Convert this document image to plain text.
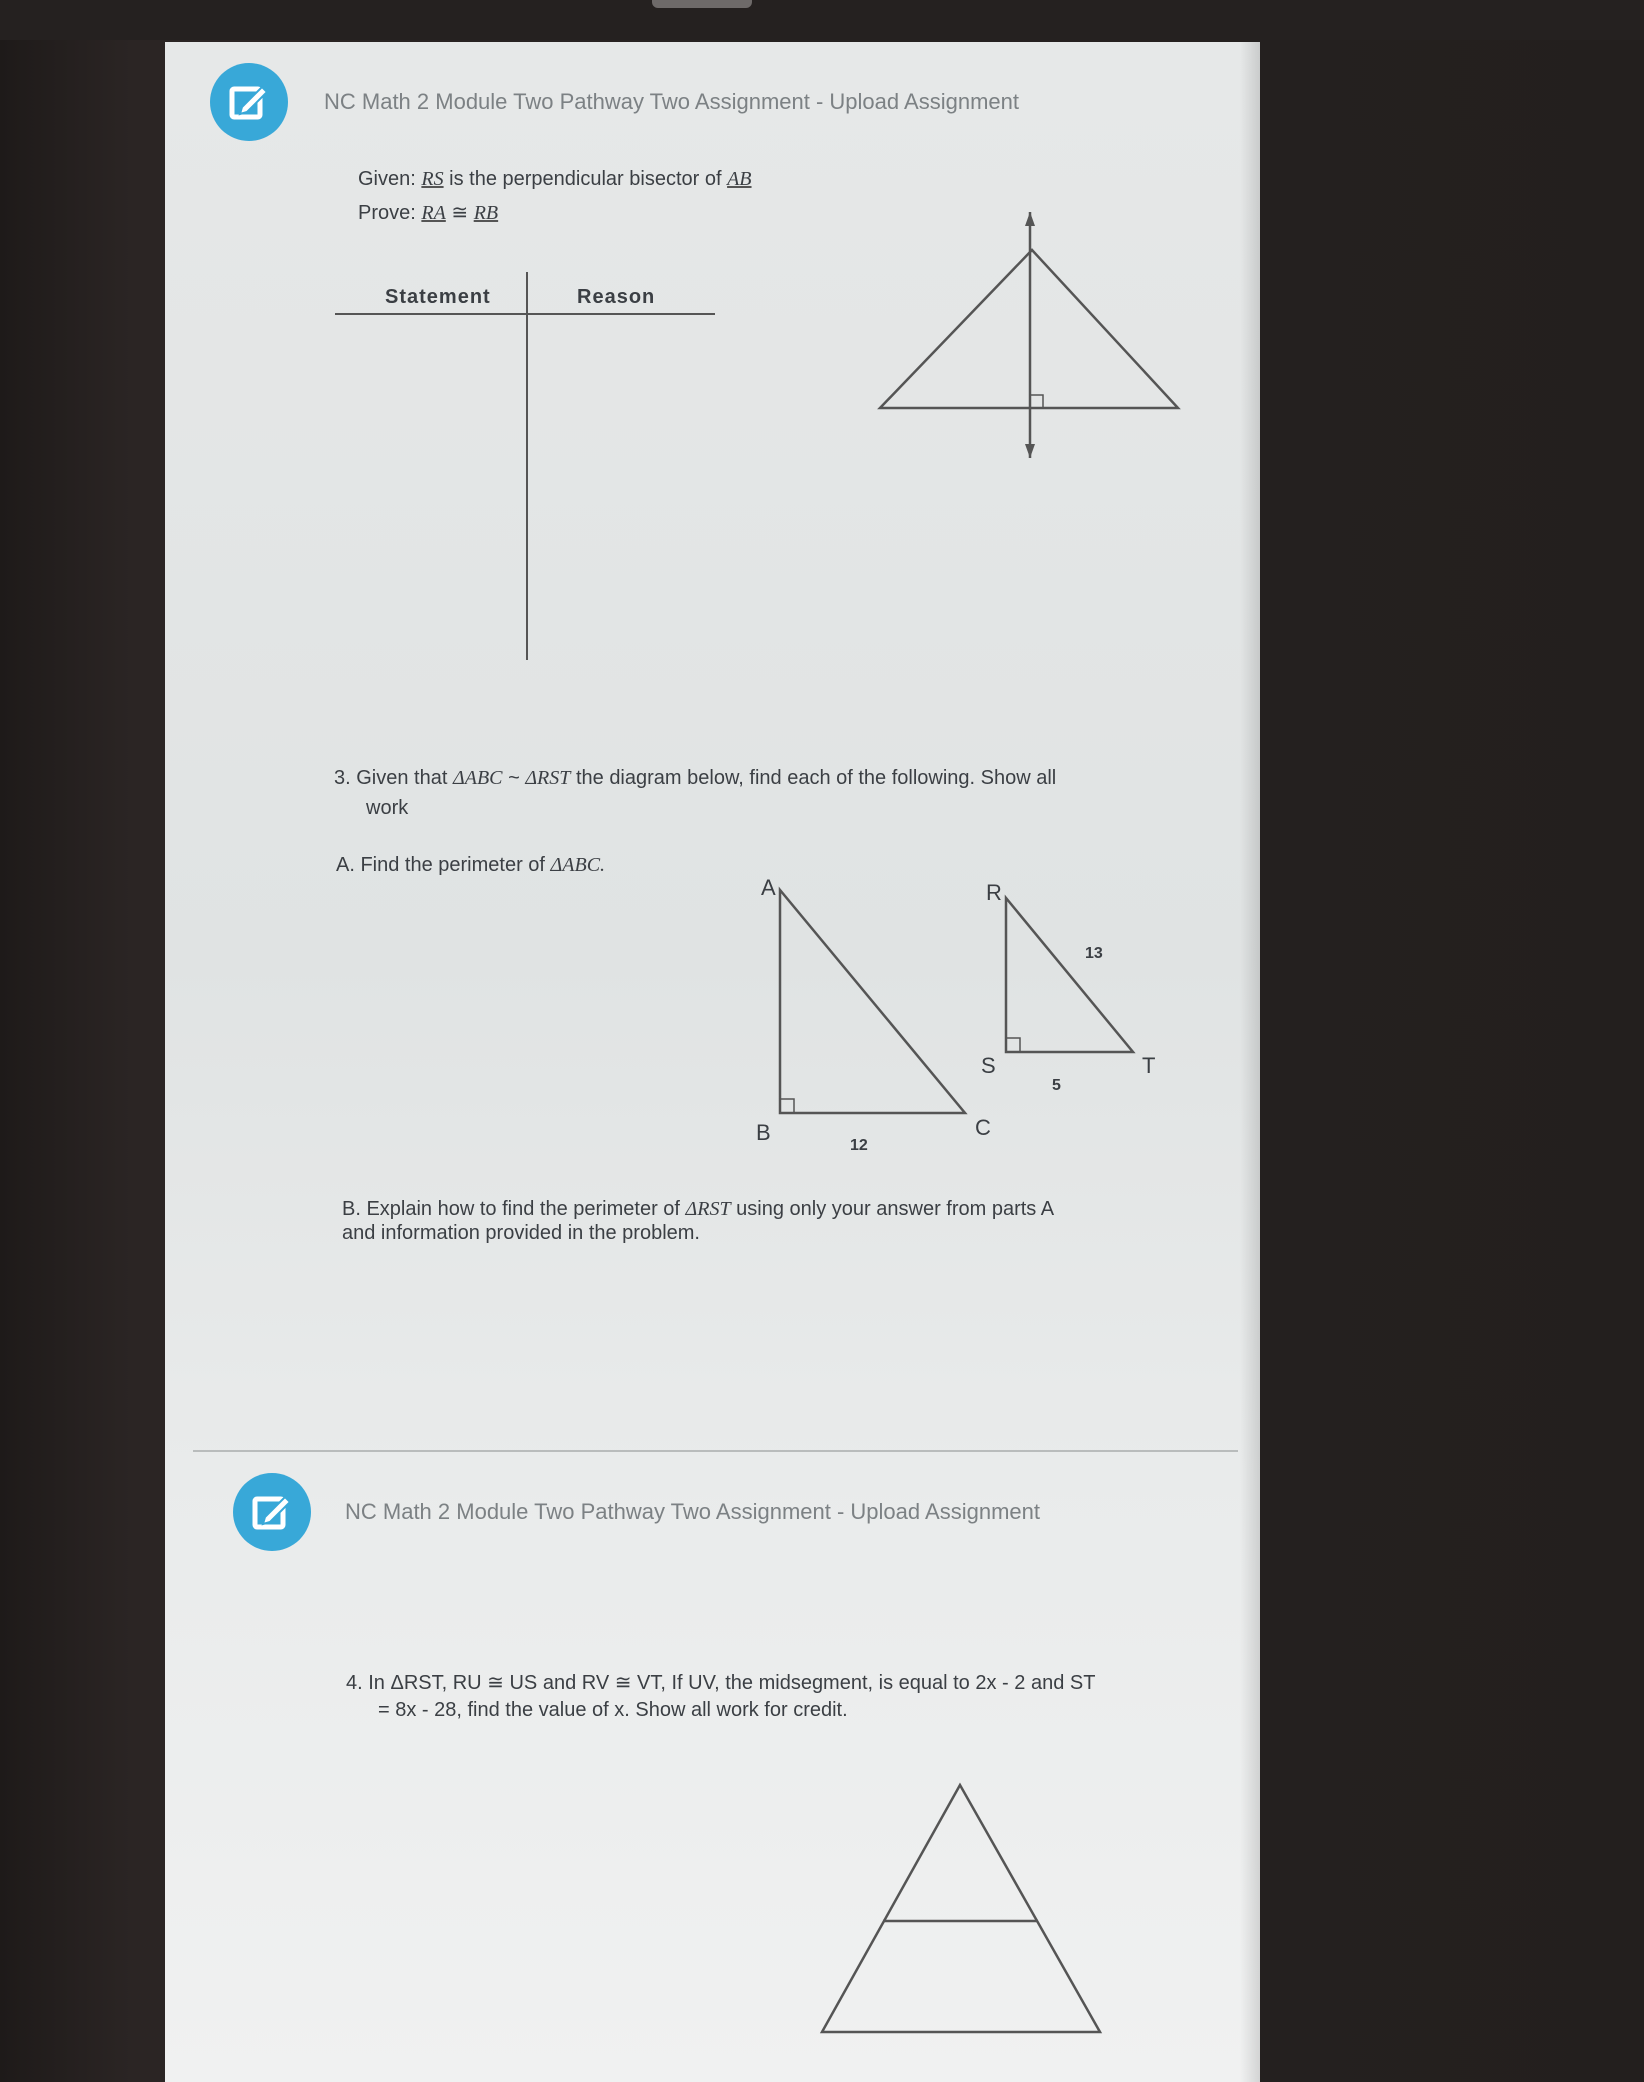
NC Math 2 Module Two Pathway Two Assignment - Upload Assignment
Given: RS is the perpendicular bisector of AB
Prove: RA ≅ RB
Statement	Reason
3. Given that ΔABC ~ ΔRST the diagram below, find each of the following. Show all
work
A. Find the perimeter of ΔABC.
A
B	C
12
R
S	T
13
5
B. Explain how to find the perimeter of ΔRST using only your answer from parts A
and information provided in the problem.
NC Math 2 Module Two Pathway Two Assignment - Upload Assignment
4. In ΔRST, RU ≅ US and RV ≅ VT, If UV, the midsegment, is equal to 2x - 2 and ST
= 8x - 28, find the value of x. Show all work for credit.
